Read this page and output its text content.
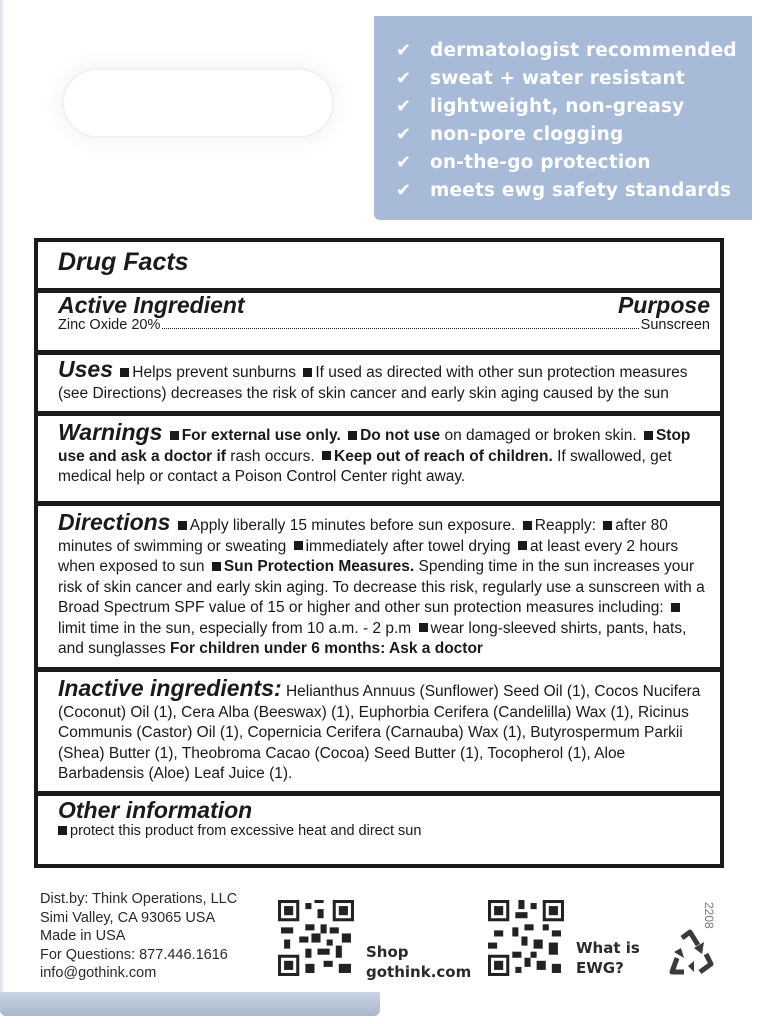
✔	dermatologist recommended
✔	sweat + water resistant
✔	lightweight, non-greasy
✔	non-pore clogging
✔	on-the-go protection
✔	meets ewg safety standards
Drug Facts
Active Ingredient	Purpose
Zinc Oxide 20%	Sunscreen
Uses Helps prevent sunburns If used as directed with other sun protection measures (see Directions) decreases the risk of skin cancer and early skin aging caused by the sun
Warnings For external use only. Do not use on damaged or broken skin. Stop use and ask a doctor if rash occurs. Keep out of reach of children. If swallowed, get medical help or contact a Poison Control Center right away.
Directions Apply liberally 15 minutes before sun exposure. Reapply: after 80 minutes of swimming or sweating immediately after towel drying at least every 2 hours when exposed to sun Sun Protection Measures. Spending time in the sun increases your risk of skin cancer and early skin aging. To decrease this risk, regularly use a sunscreen with a Broad Spectrum SPF value of 15 or higher and other sun protection measures including: limit time in the sun, especially from 10 a.m. - 2 p.m wear long-sleeved shirts, pants, hats, and sunglasses For children under 6 months: Ask a doctor
Inactive ingredients: Helianthus Annuus (Sunflower) Seed Oil (1), Cocos Nucifera (Coconut) Oil (1), Cera Alba (Beeswax) (1), Euphorbia Cerifera (Candelilla) Wax (1), Ricinus Communis (Castor) Oil (1), Copernicia Cerifera (Carnauba) Wax (1), Butyrospermum Parkii (Shea) Butter (1), Theobroma Cacao (Cocoa) Seed Butter (1), Tocopherol (1), Aloe Barbadensis (Aloe) Leaf Juice (1).
Other information
protect this product from excessive heat and direct sun
Dist.by: Think Operations, LLC
Simi Valley, CA 93065 USA
Made in USA
For Questions: 877.446.1616
info@gothink.com
Shop
gothink.com
What is
EWG?
2208
